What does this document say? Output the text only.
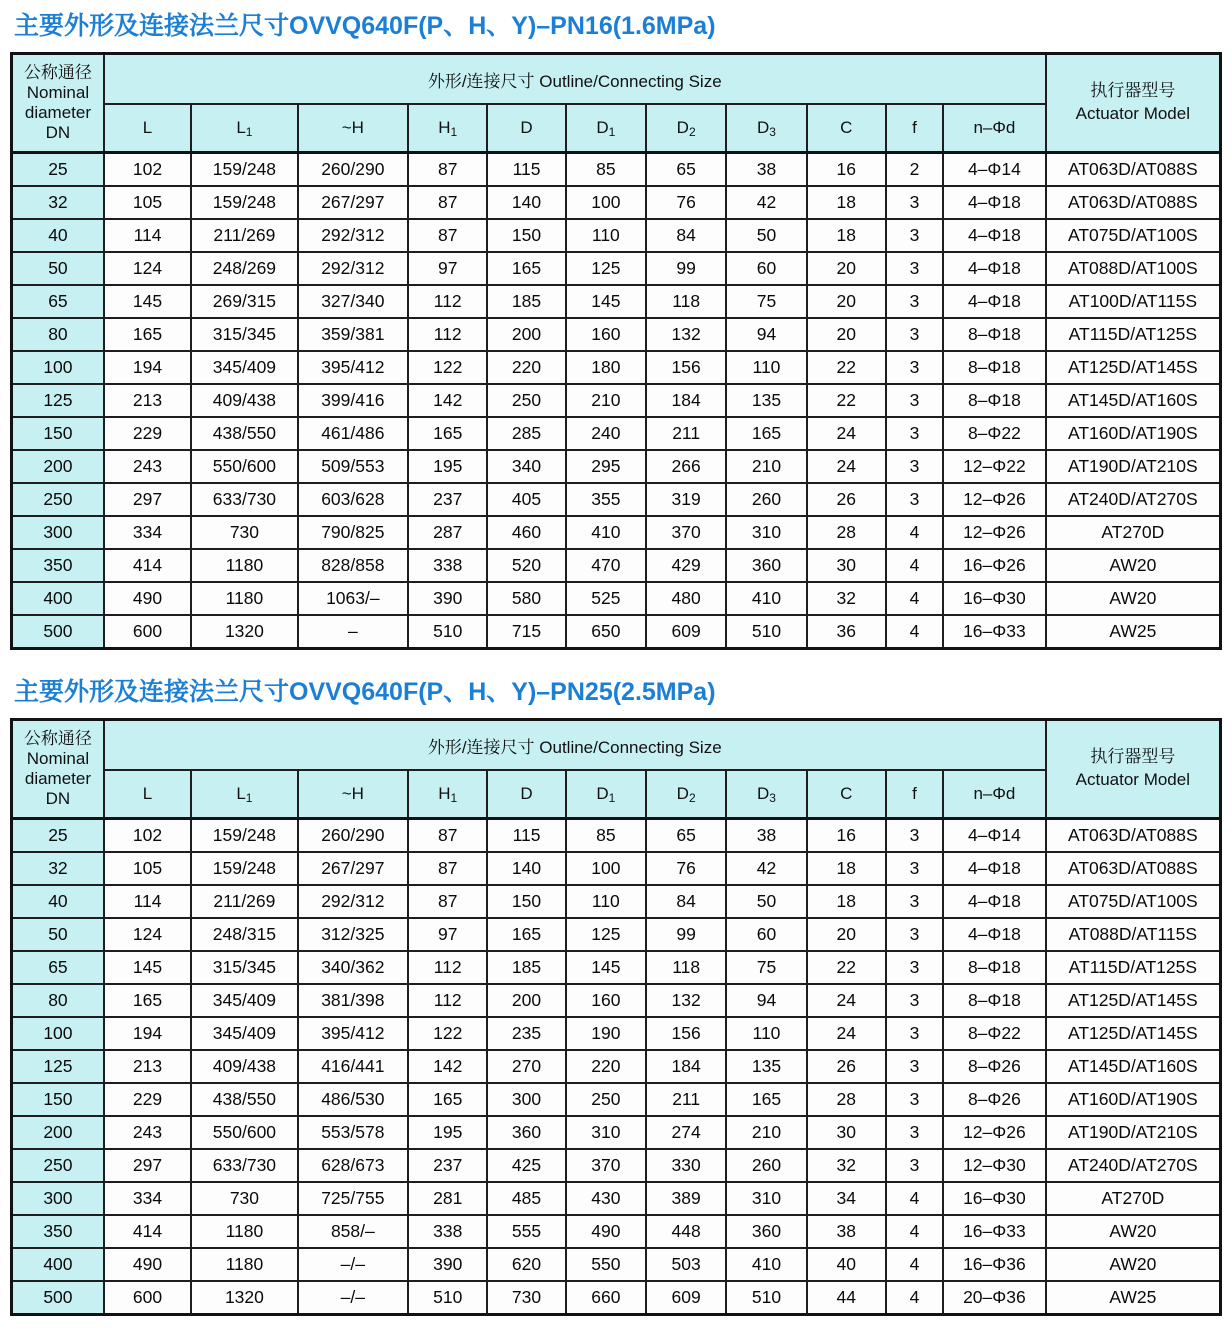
主要外形及连接法兰尺寸OVVQ640F(P、H、Y)–PN16(1.6MPa)
公称通径
Nominal
diameter
DN	外形/连接尺寸 Outline/Connecting Size											执行器型号
Actuator Model
	L	$L_1$	~H	$H_1$	D	$D_1$	$D_2$	$D_3$	C	f	n–Φd	
25	102	159/248	260/290	87	115	85	65	38	16	2	4–Φ14	AT063D/AT088S
32	105	159/248	267/297	87	140	100	76	42	18	3	4–Φ18	AT063D/AT088S
40	114	211/269	292/312	87	150	110	84	50	18	3	4–Φ18	AT075D/AT100S
50	124	248/269	292/312	97	165	125	99	60	20	3	4–Φ18	AT088D/AT100S
65	145	269/315	327/340	112	185	145	118	75	20	3	4–Φ18	AT100D/AT115S
80	165	315/345	359/381	112	200	160	132	94	20	3	8–Φ18	AT115D/AT125S
100	194	345/409	395/412	122	220	180	156	110	22	3	8–Φ18	AT125D/AT145S
125	213	409/438	399/416	142	250	210	184	135	22	3	8–Φ18	AT145D/AT160S
150	229	438/550	461/486	165	285	240	211	165	24	3	8–Φ22	AT160D/AT190S
200	243	550/600	509/553	195	340	295	266	210	24	3	12–Φ22	AT190D/AT210S
250	297	633/730	603/628	237	405	355	319	260	26	3	12–Φ26	AT240D/AT270S
300	334	730	790/825	287	460	410	370	310	28	4	12–Φ26	AT270D
350	414	1180	828/858	338	520	470	429	360	30	4	16–Φ26	AW20
400	490	1180	1063/–	390	580	525	480	410	32	4	16–Φ30	AW20
500	600	1320	–	510	715	650	609	510	36	4	16–Φ33	AW25
主要外形及连接法兰尺寸OVVQ640F(P、H、Y)–PN25(2.5MPa)
公称通径
Nominal
diameter
DN	外形/连接尺寸 Outline/Connecting Size											执行器型号
Actuator Model
	L	$L_1$	~H	$H_1$	D	$D_1$	$D_2$	$D_3$	C	f	n–Φd	
25	102	159/248	260/290	87	115	85	65	38	16	3	4–Φ14	AT063D/AT088S
32	105	159/248	267/297	87	140	100	76	42	18	3	4–Φ18	AT063D/AT088S
40	114	211/269	292/312	87	150	110	84	50	18	3	4–Φ18	AT075D/AT100S
50	124	248/315	312/325	97	165	125	99	60	20	3	4–Φ18	AT088D/AT115S
65	145	315/345	340/362	112	185	145	118	75	22	3	8–Φ18	AT115D/AT125S
80	165	345/409	381/398	112	200	160	132	94	24	3	8–Φ18	AT125D/AT145S
100	194	345/409	395/412	122	235	190	156	110	24	3	8–Φ22	AT125D/AT145S
125	213	409/438	416/441	142	270	220	184	135	26	3	8–Φ26	AT145D/AT160S
150	229	438/550	486/530	165	300	250	211	165	28	3	8–Φ26	AT160D/AT190S
200	243	550/600	553/578	195	360	310	274	210	30	3	12–Φ26	AT190D/AT210S
250	297	633/730	628/673	237	425	370	330	260	32	3	12–Φ30	AT240D/AT270S
300	334	730	725/755	281	485	430	389	310	34	4	16–Φ30	AT270D
350	414	1180	858/–	338	555	490	448	360	38	4	16–Φ33	AW20
400	490	1180	–/–	390	620	550	503	410	40	4	16–Φ36	AW20
500	600	1320	–/–	510	730	660	609	510	44	4	20–Φ36	AW25
